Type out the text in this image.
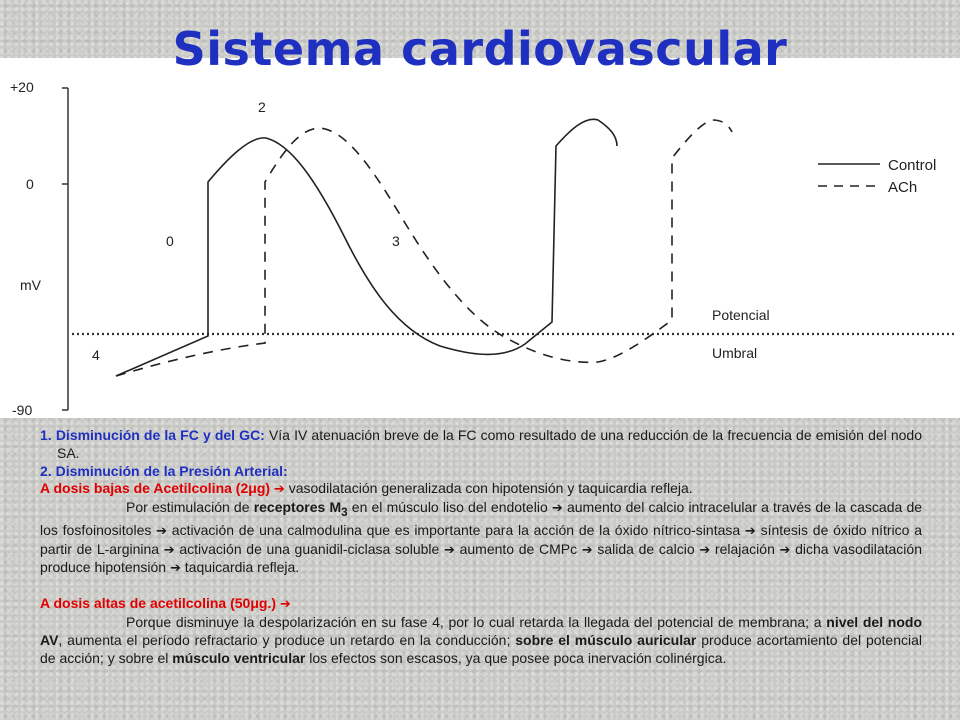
Sistema cardiovascular
+20
0
-90
mV
Potencial
Umbral
0
2
3
4
Control
ACh

1. Disminución de la FC y del GC: Vía IV atenuación breve de la FC como resultado de una reducción de la frecuencia de emisión del nodo SA.

2. Disminución de la Presión Arterial:

A dosis bajas de Acetilcolina (2μg) ➔ vasodilatación generalizada con hipotensión y taquicardia refleja.

Por estimulación de receptores $M_3$ en el músculo liso del endotelio ➔ aumento del calcio intracelular a través de la cascada de los fosfoinositoles ➔ activación de una calmodulina que es importante para la acción de la óxido nítrico-sintasa ➔ síntesis de óxido nítrico a partir de L-arginina ➔ activación de una guanidil-ciclasa soluble ➔ aumento de CMPc ➔ salida de calcio ➔ relajación ➔ dicha vasodilatación produce hipotensión ➔ taquicardia refleja.

A dosis altas de acetilcolina (50μg.) ➔

Porque disminuye la despolarización en su fase 4, por lo cual retarda la llegada del potencial de membrana; a nivel del nodo AV, aumenta el período refractario y produce un retardo en la conducción; sobre el músculo auricular produce acortamiento del potencial de acción; y sobre el músculo ventricular los efectos son escasos, ya que posee poca inervación colinérgica.
